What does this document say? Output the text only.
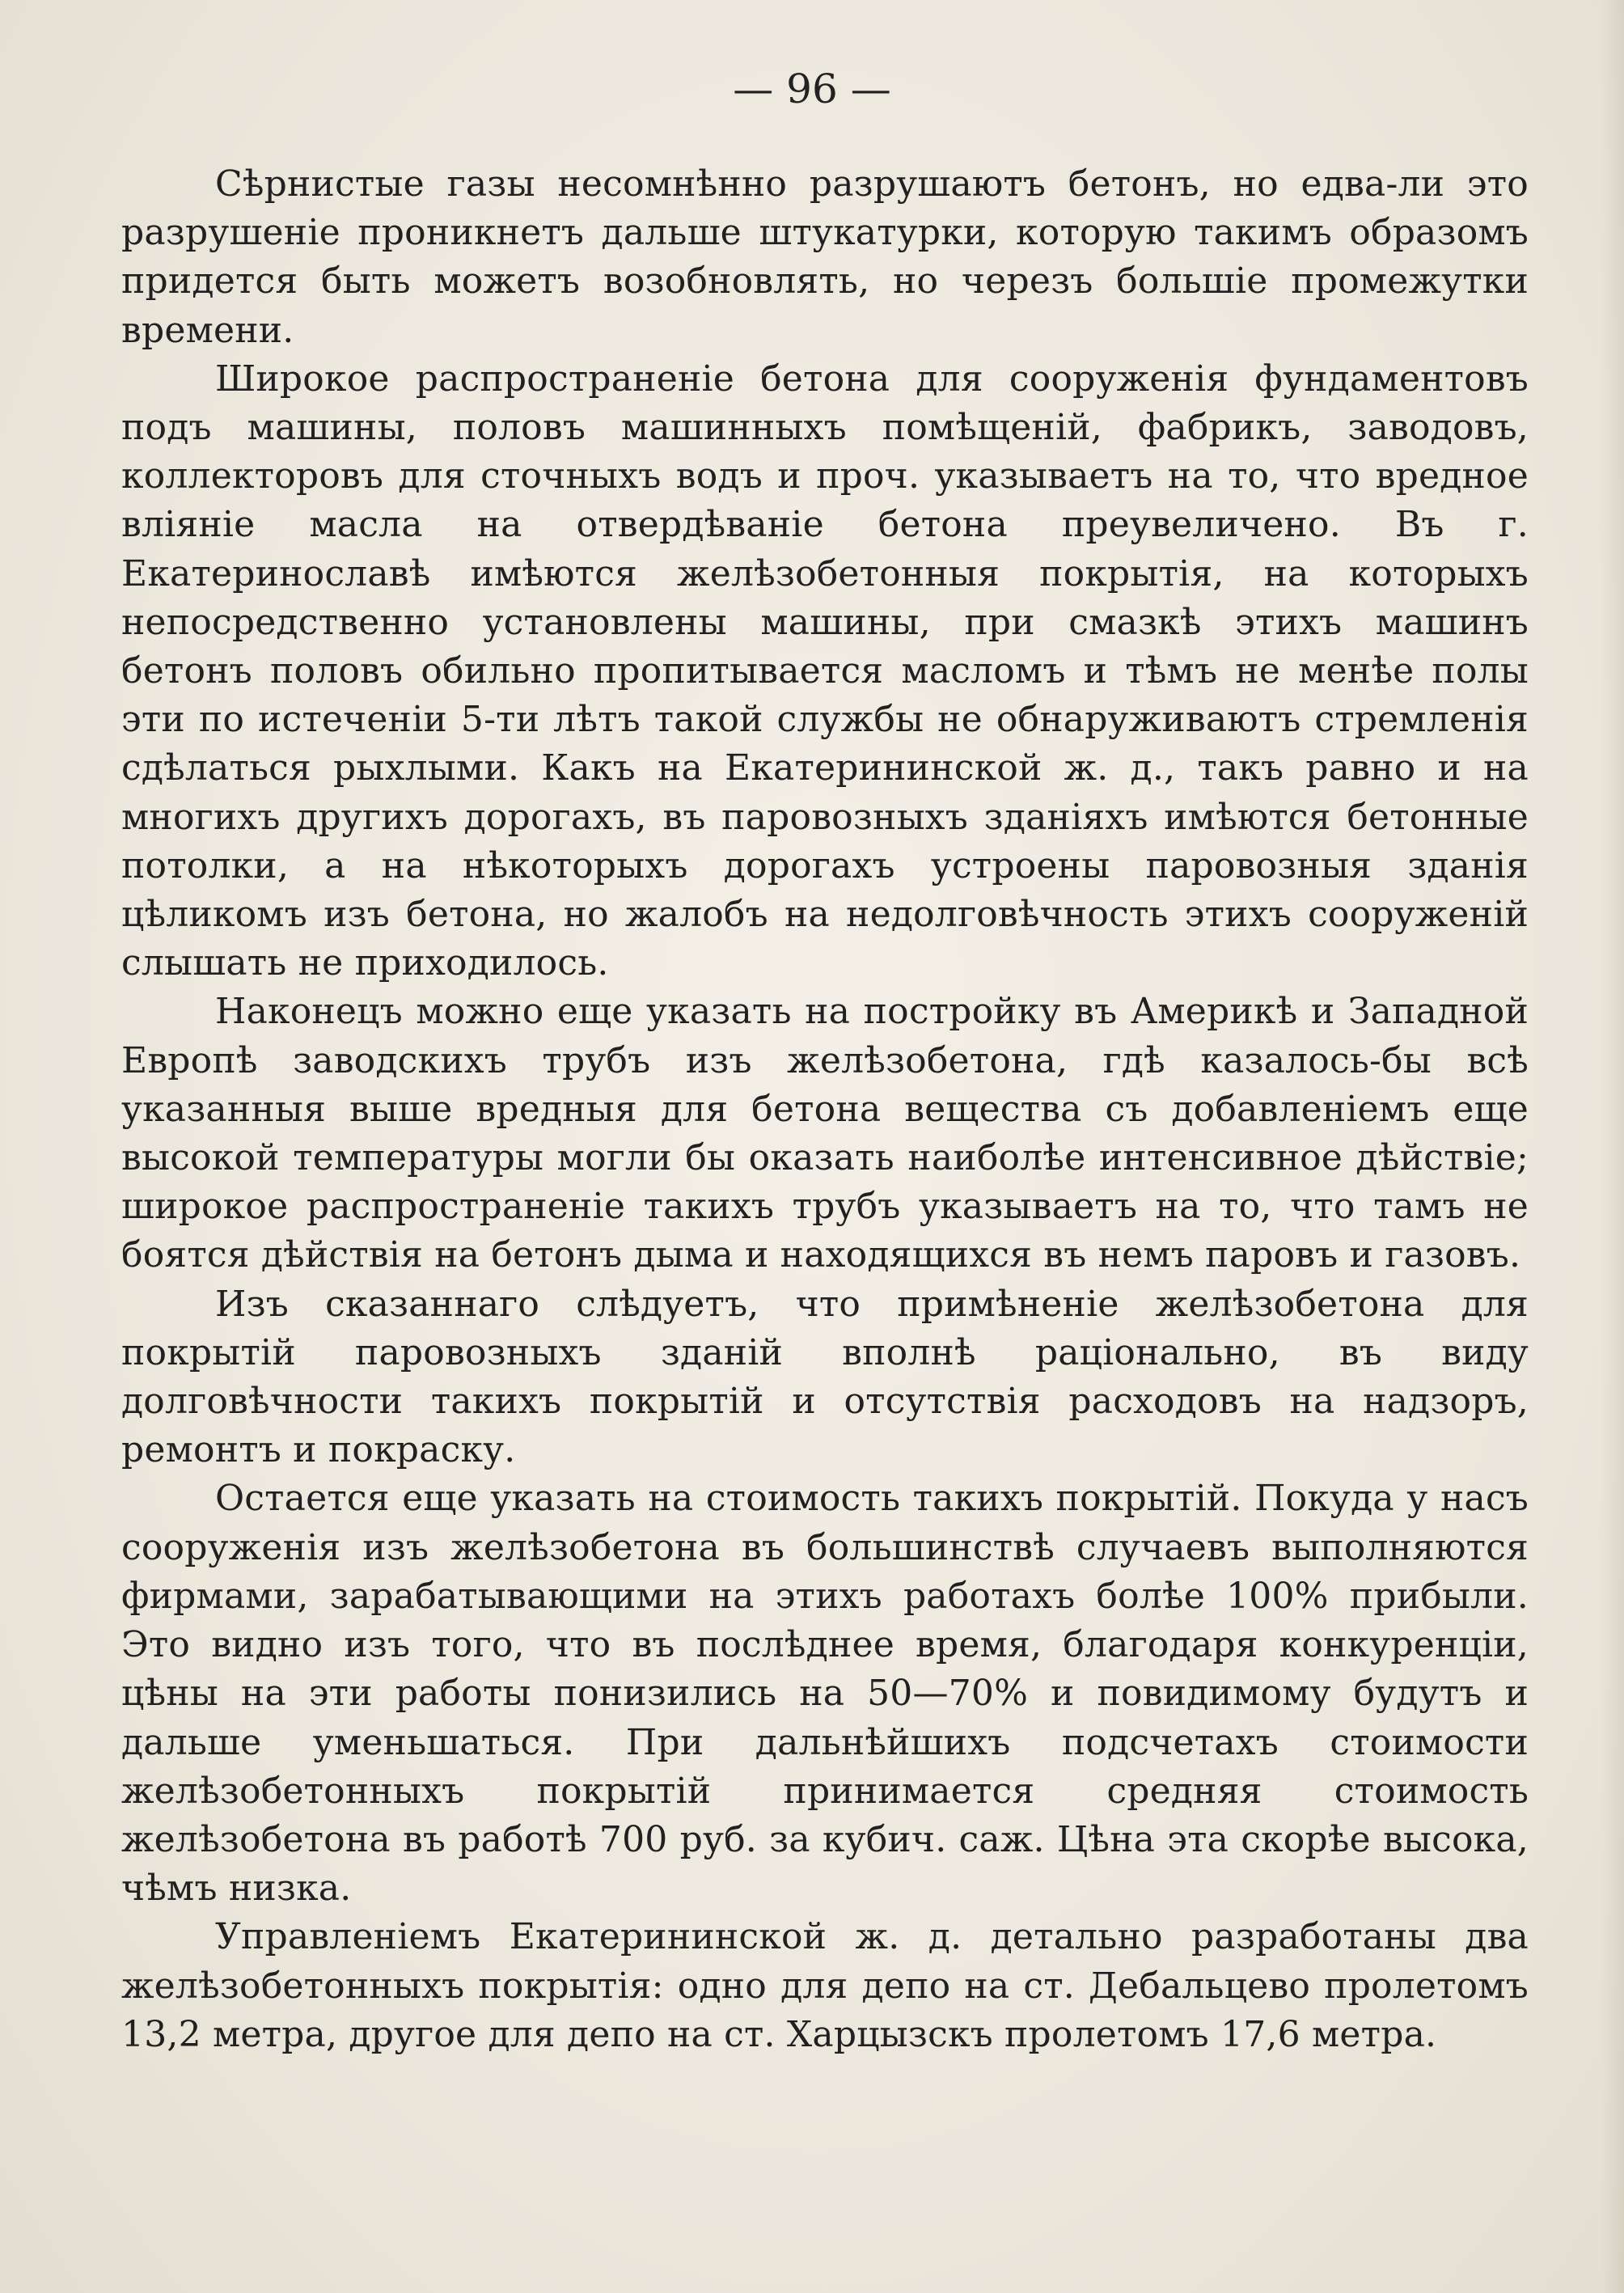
— 96 —

Сѣрнистые газы несомнѣнно разрушаютъ бетонъ, но едва-ли это разрушеніе проникнетъ дальше штукатурки, которую такимъ образомъ придется быть можетъ возобновлять, но черезъ большіе промежутки времени.

Широкое распространеніе бетона для сооруженія фундаментовъ подъ машины, половъ машинныхъ помѣщеній, фабрикъ, заводовъ, коллекторовъ для сточныхъ водъ и проч. указываетъ на то, что вредное вліяніе масла на отвердѣваніе бетона преувеличено. Въ г. Екатеринославѣ имѣются желѣзобетонныя покрытія, на которыхъ непосредственно установлены машины, при смазкѣ этихъ машинъ бетонъ половъ обильно пропитывается масломъ и тѣмъ не менѣе полы эти по истеченіи 5-ти лѣтъ такой службы не обнаруживаютъ стремленія сдѣлаться рыхлыми. Какъ на Екатерининской ж. д., такъ равно и на многихъ другихъ дорогахъ, въ паровозныхъ зданіяхъ имѣются бетонные потолки, а на нѣкоторыхъ дорогахъ устроены паровозныя зданія цѣликомъ изъ бетона, но жалобъ на недолговѣчность этихъ сооруженій слышать не приходилось.

Наконецъ можно еще указать на постройку въ Америкѣ и Западной Европѣ заводскихъ трубъ изъ желѣзобетона, гдѣ казалось-бы всѣ указанныя выше вредныя для бетона вещества съ добавленіемъ еще высокой температуры могли бы оказать наиболѣе интенсивное дѣйствіе; широкое распространеніе такихъ трубъ указываетъ на то, что тамъ не боятся дѣйствія на бетонъ дыма и находящихся въ немъ паровъ и газовъ.

Изъ сказаннаго слѣдуетъ, что примѣненіе желѣзобетона для покрытій паровозныхъ зданій вполнѣ раціонально, въ виду долговѣчности такихъ покрытій и отсутствія расходовъ на надзоръ, ремонтъ и покраску.

Остается еще указать на стоимость такихъ покрытій. Покуда у насъ сооруженія изъ желѣзобетона въ большинствѣ случаевъ выполняются фирмами, зарабатывающими на этихъ работахъ болѣе 100% прибыли. Это видно изъ того, что въ послѣднее время, благодаря конкуренціи, цѣны на эти работы понизились на 50—70% и повидимому будутъ и дальше уменьшаться. При дальнѣйшихъ подсчетахъ стоимости желѣзобетонныхъ покрытій принимается средняя стоимость желѣзобетона въ работѣ 700 руб. за кубич. саж. Цѣна эта скорѣе высока, чѣмъ низка.

Управленіемъ Екатерининской ж. д. детально разработаны два желѣзобетонныхъ покрытія: одно для депо на ст. Дебальцево пролетомъ 13,2 метра, другое для депо на ст. Харцызскъ пролетомъ 17,6 метра.
